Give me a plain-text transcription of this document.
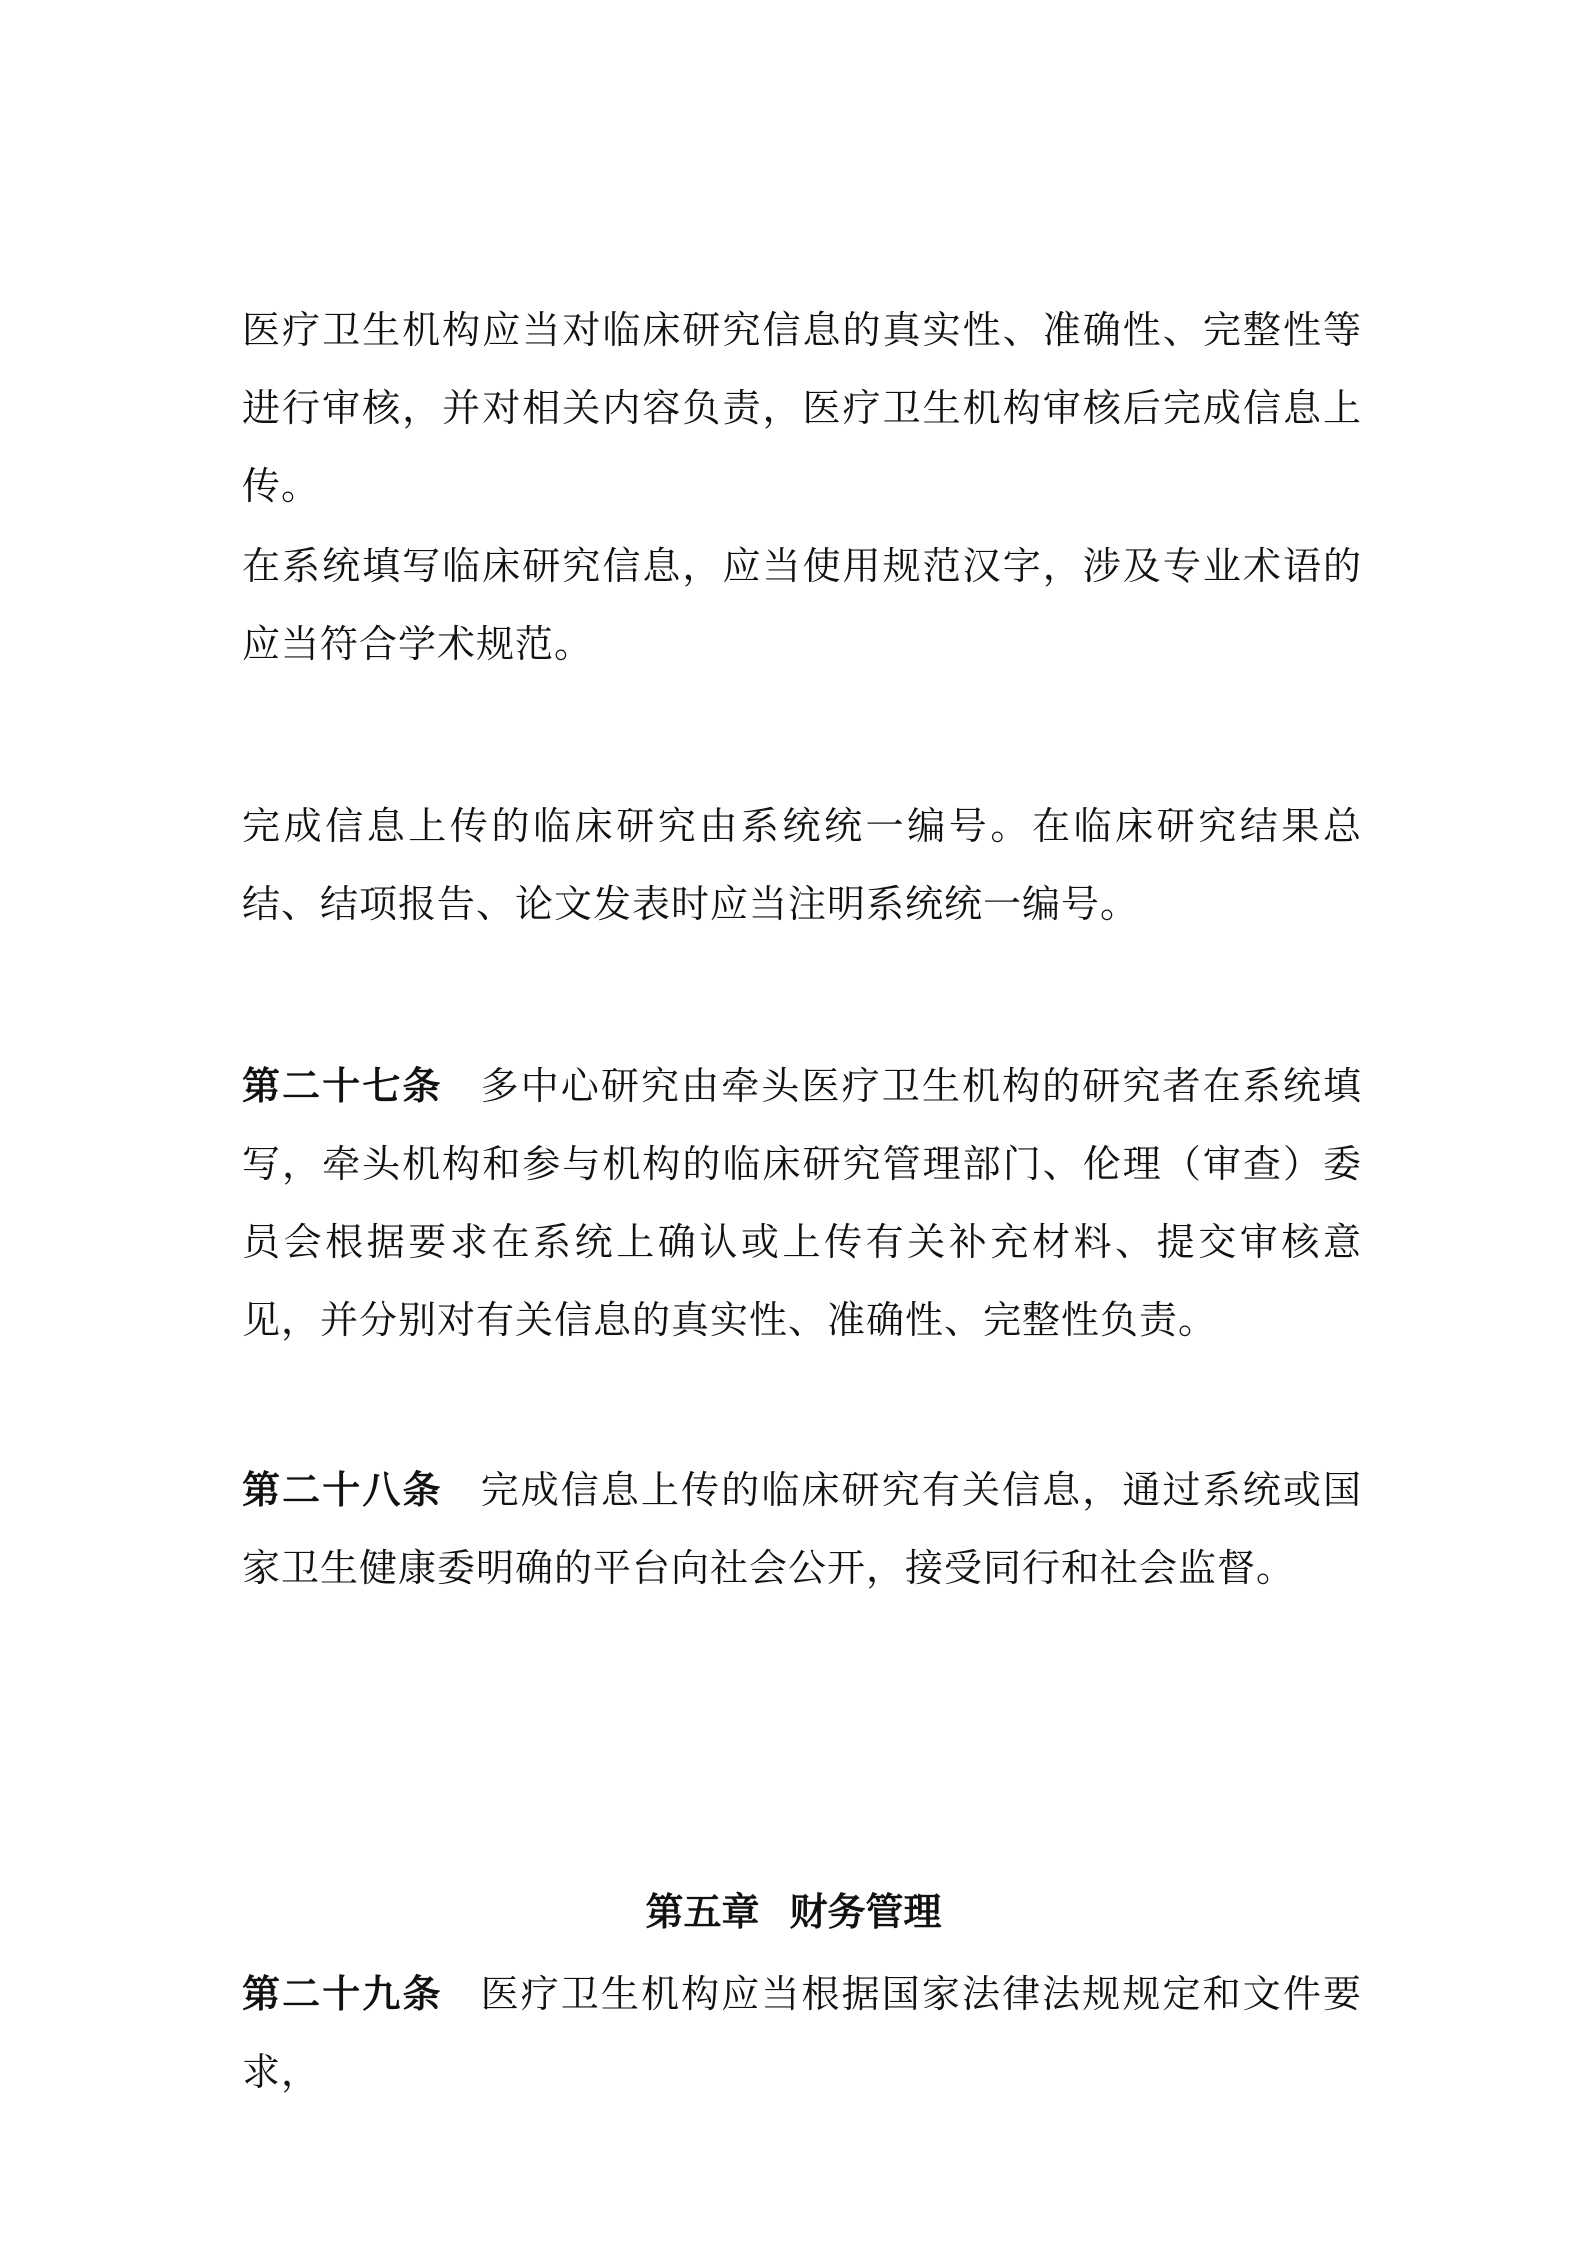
医疗卫生机构应当对临床研究信息的真实性、准确性、完整性等进行审核，并对相关内容负责，医疗卫生机构审核后完成信息上传。

在系统填写临床研究信息，应当使用规范汉字，涉及专业术语的应当符合学术规范。

完成信息上传的临床研究由系统统一编号。在临床研究结果总结、结项报告、论文发表时应当注明系统统一编号。

第二十七条 多中心研究由牵头医疗卫生机构的研究者在系统填写，牵头机构和参与机构的临床研究管理部门、伦理（审查）委员会根据要求在系统上确认或上传有关补充材料、提交审核意见，并分别对有关信息的真实性、准确性、完整性负责。

第二十八条 完成信息上传的临床研究有关信息，通过系统或国家卫生健康委明确的平台向社会公开，接受同行和社会监督。

第五章 财务管理

第二十九条 医疗卫生机构应当根据国家法律法规规定和文件要求，
